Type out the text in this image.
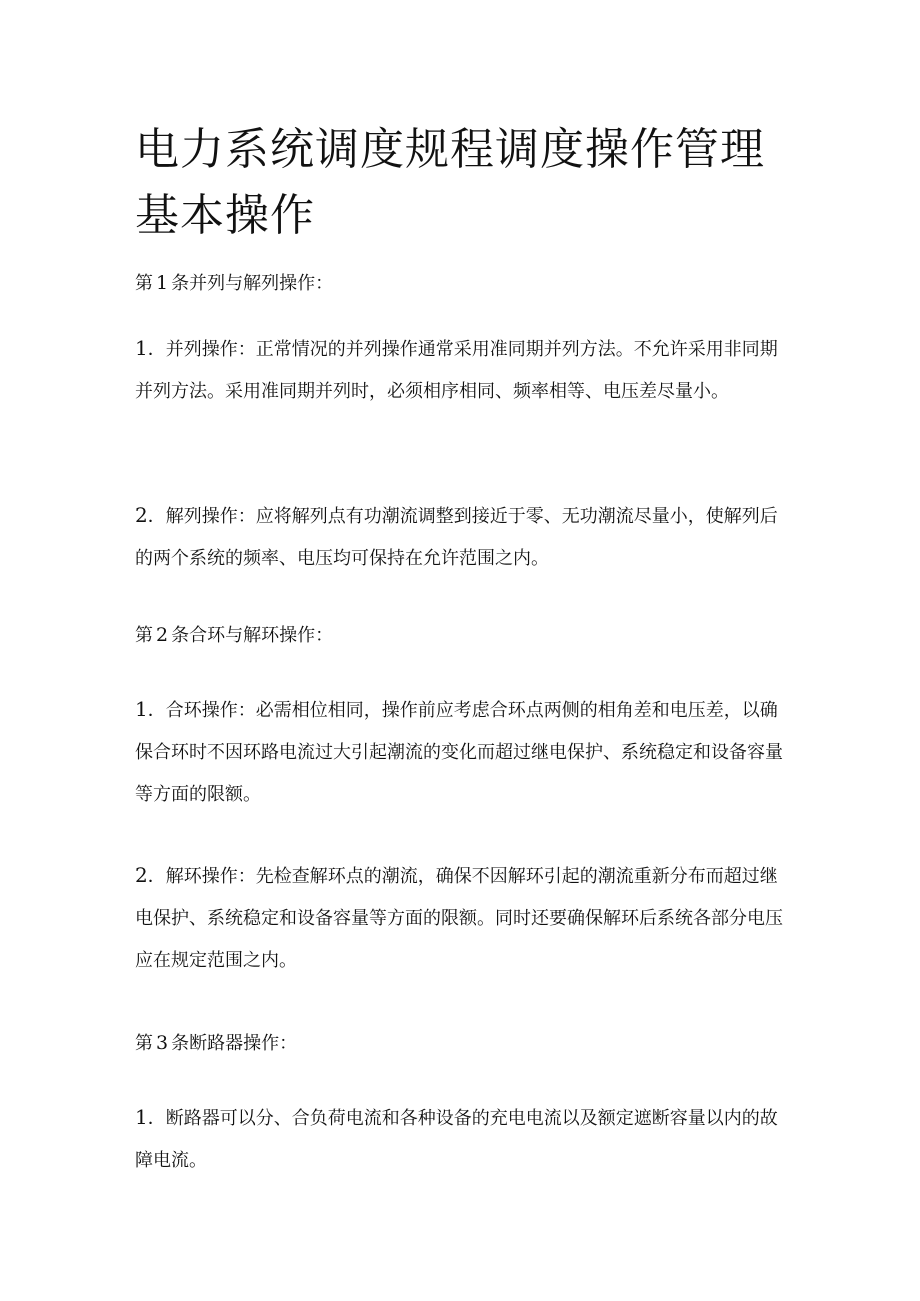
电力系统调度规程调度操作管理基本操作

第 1 条并列与解列操作：

1．并列操作：正常情况的并列操作通常采用准同期并列方法。不允许采用非同期并列方法。采用准同期并列时，必须相序相同、频率相等、电压差尽量小。

2．解列操作：应将解列点有功潮流调整到接近于零、无功潮流尽量小，使解列后的两个系统的频率、电压均可保持在允许范围之内。

第 2 条合环与解环操作：

1．合环操作：必需相位相同，操作前应考虑合环点两侧的相角差和电压差，以确保合环时不因环路电流过大引起潮流的变化而超过继电保护、系统稳定和设备容量等方面的限额。

2．解环操作：先检查解环点的潮流，确保不因解环引起的潮流重新分布而超过继电保护、系统稳定和设备容量等方面的限额。同时还要确保解环后系统各部分电压应在规定范围之内。

第 3 条断路器操作：

1．断路器可以分、合负荷电流和各种设备的充电电流以及额定遮断容量以内的故障电流。
